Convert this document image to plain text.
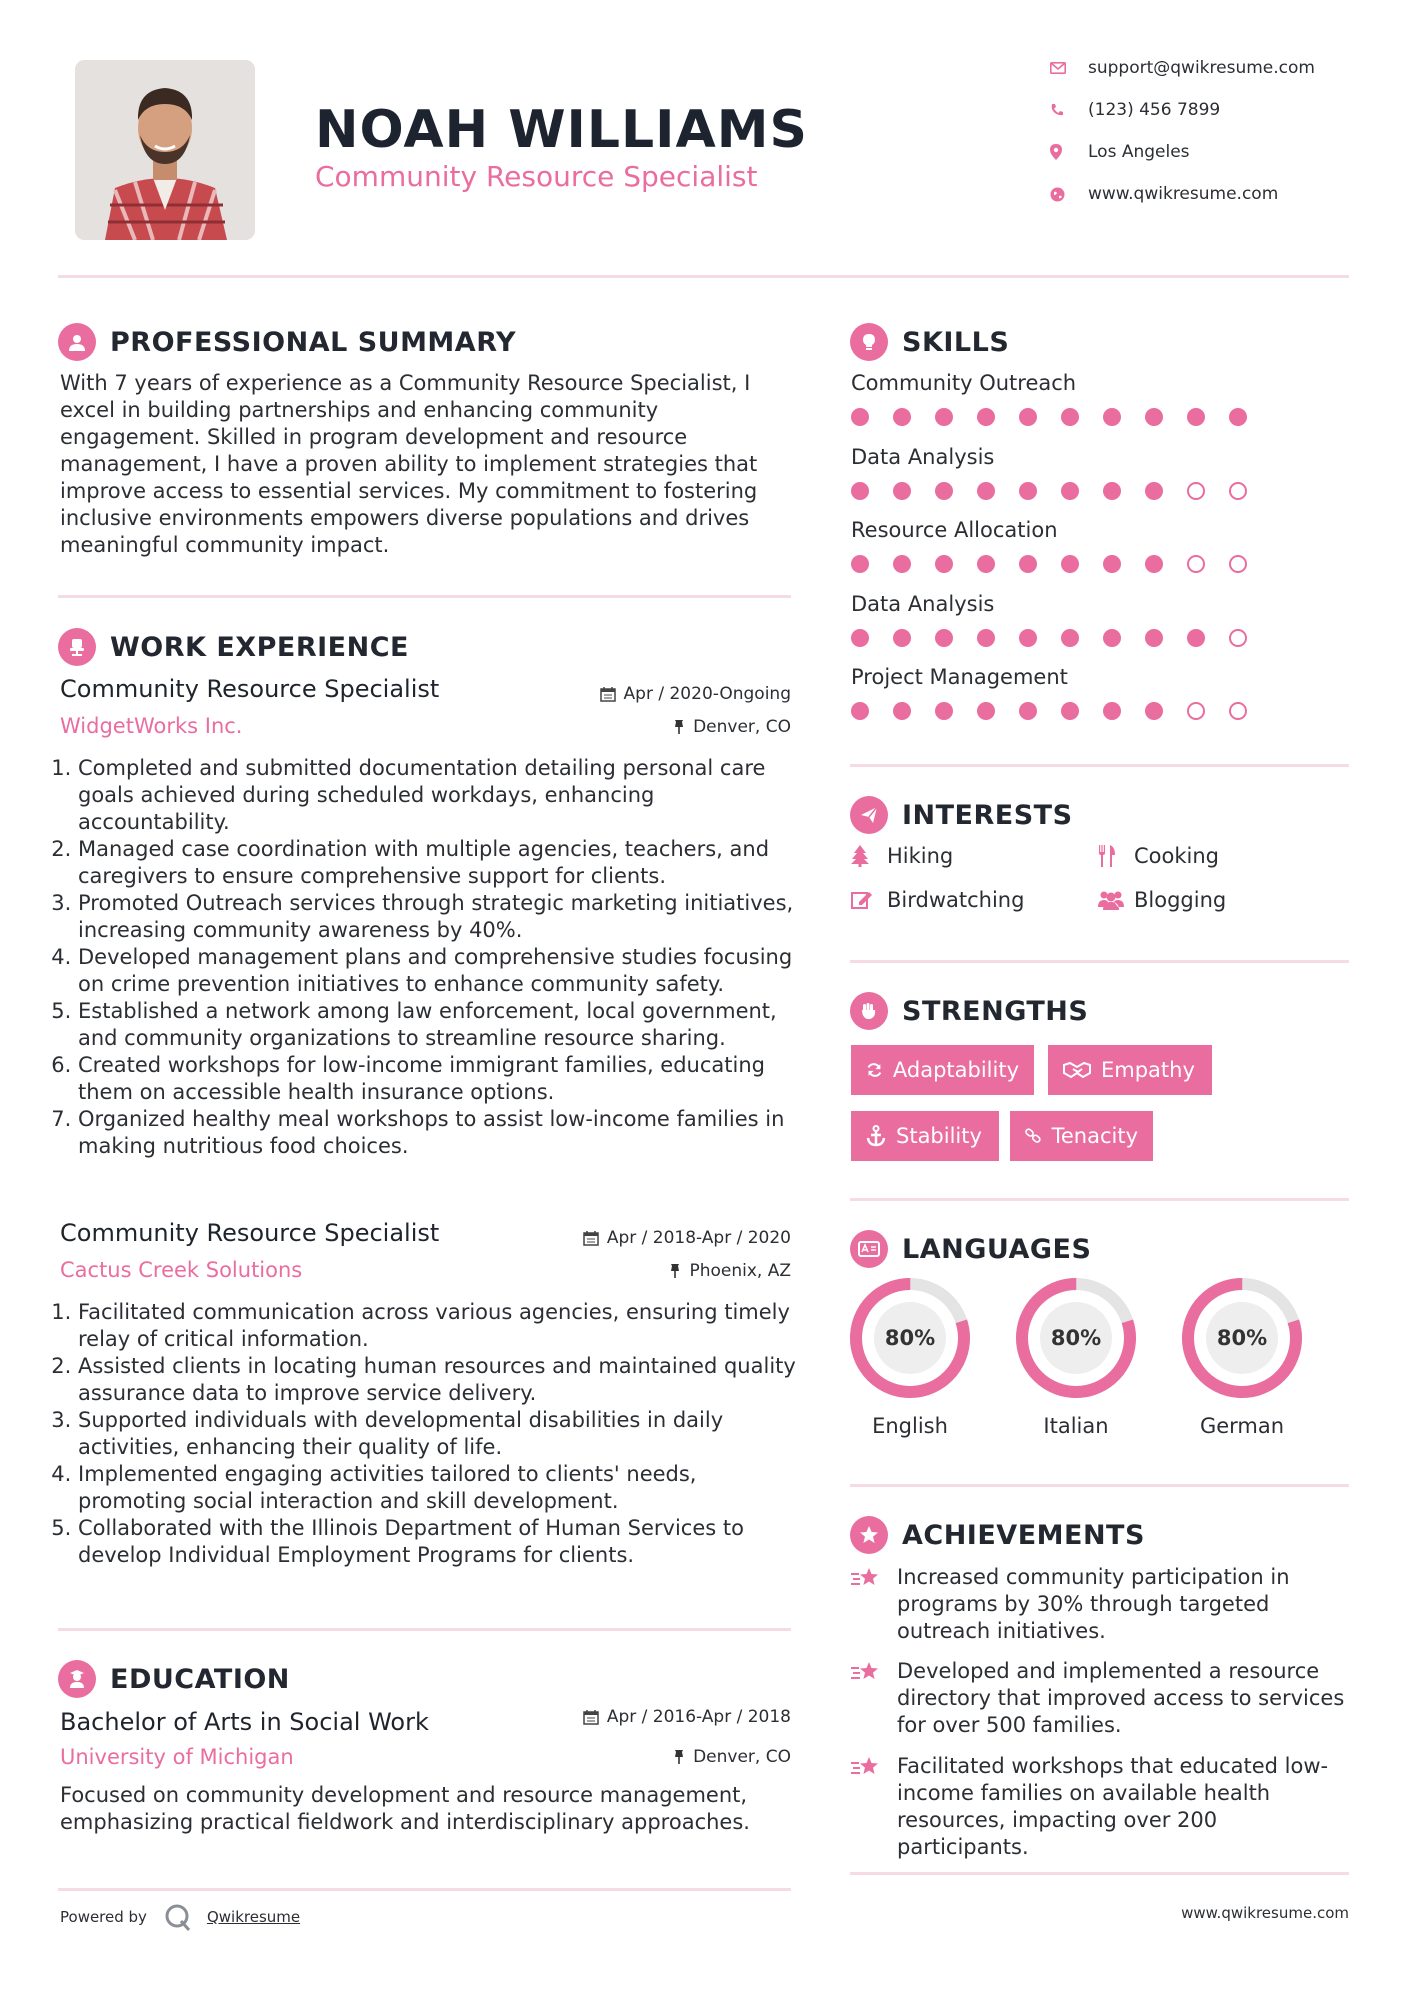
NOAH WILLIAMS
Community Resource Specialist
support@qwikresume.com
(123) 456 7899
Los Angeles
www.qwikresume.com
PROFESSIONAL SUMMARY
With 7 years of experience as a Community Resource Specialist, I excel in building partnerships and enhancing community engagement. Skilled in program development and resource management, I have a proven ability to implement strategies that improve access to essential services. My commitment to fostering inclusive environments empowers diverse populations and drives meaningful community impact.
WORK EXPERIENCE
Community Resource Specialist	Apr / 2020-Ongoing
WidgetWorks Inc.	Denver, CO
1. Completed and submitted documentation detailing personal care goals achieved during scheduled workdays, enhancing accountability.
2. Managed case coordination with multiple agencies, teachers, and caregivers to ensure comprehensive support for clients.
3. Promoted Outreach services through strategic marketing initiatives, increasing community awareness by 40%.
4. Developed management plans and comprehensive studies focusing on crime prevention initiatives to enhance community safety.
5. Established a network among law enforcement, local government, and community organizations to streamline resource sharing.
6. Created workshops for low-income immigrant families, educating them on accessible health insurance options.
7. Organized healthy meal workshops to assist low-income families in making nutritious food choices.
Community Resource Specialist	Apr / 2018-Apr / 2020
Cactus Creek Solutions	Phoenix, AZ
1. Facilitated communication across various agencies, ensuring timely relay of critical information.
2. Assisted clients in locating human resources and maintained quality assurance data to improve service delivery.
3. Supported individuals with developmental disabilities in daily activities, enhancing their quality of life.
4. Implemented engaging activities tailored to clients' needs, promoting social interaction and skill development.
5. Collaborated with the Illinois Department of Human Services to develop Individual Employment Programs for clients.
EDUCATION
Bachelor of Arts in Social Work	Apr / 2016-Apr / 2018
University of Michigan	Denver, CO
Focused on community development and resource management, emphasizing practical fieldwork and interdisciplinary approaches.
SKILLS
Community Outreach
Data Analysis
Resource Allocation
Data Analysis
Project Management
INTERESTS
Hiking	Cooking
Birdwatching	Blogging
STRENGTHS
Adaptability	Empathy
Stability	Tenacity
LANGUAGES
80%
English
80%
Italian
80%
German
ACHIEVEMENTS
Increased community participation in programs by 30% through targeted outreach initiatives.
Developed and implemented a resource directory that improved access to services for over 500 families.
Facilitated workshops that educated low-income families on available health resources, impacting over 200 participants.
Powered by	Qwikresume	www.qwikresume.com
